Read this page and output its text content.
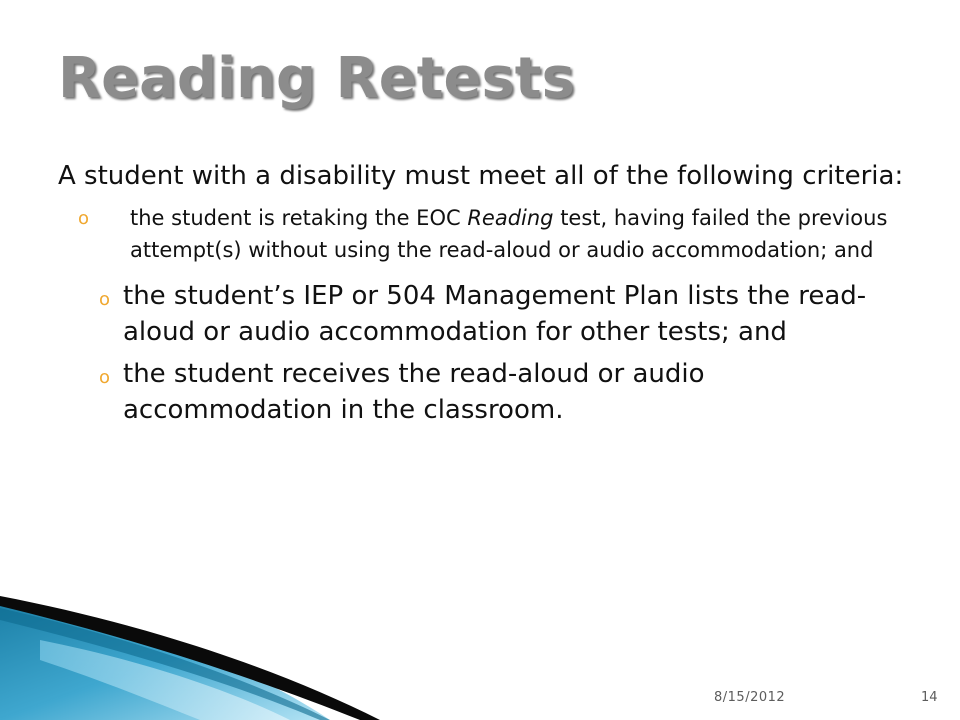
Reading Retests

A student with a disability must meet all of the following criteria:

o the student is retaking the EOC Reading test, having failed the previous attempt(s) without using the read-aloud or audio accommodation; and

o the student’s IEP or 504 Management Plan lists the read-aloud or audio accommodation for other tests; and

o the student receives the read-aloud or audio accommodation in the classroom.

8/15/2012	14
